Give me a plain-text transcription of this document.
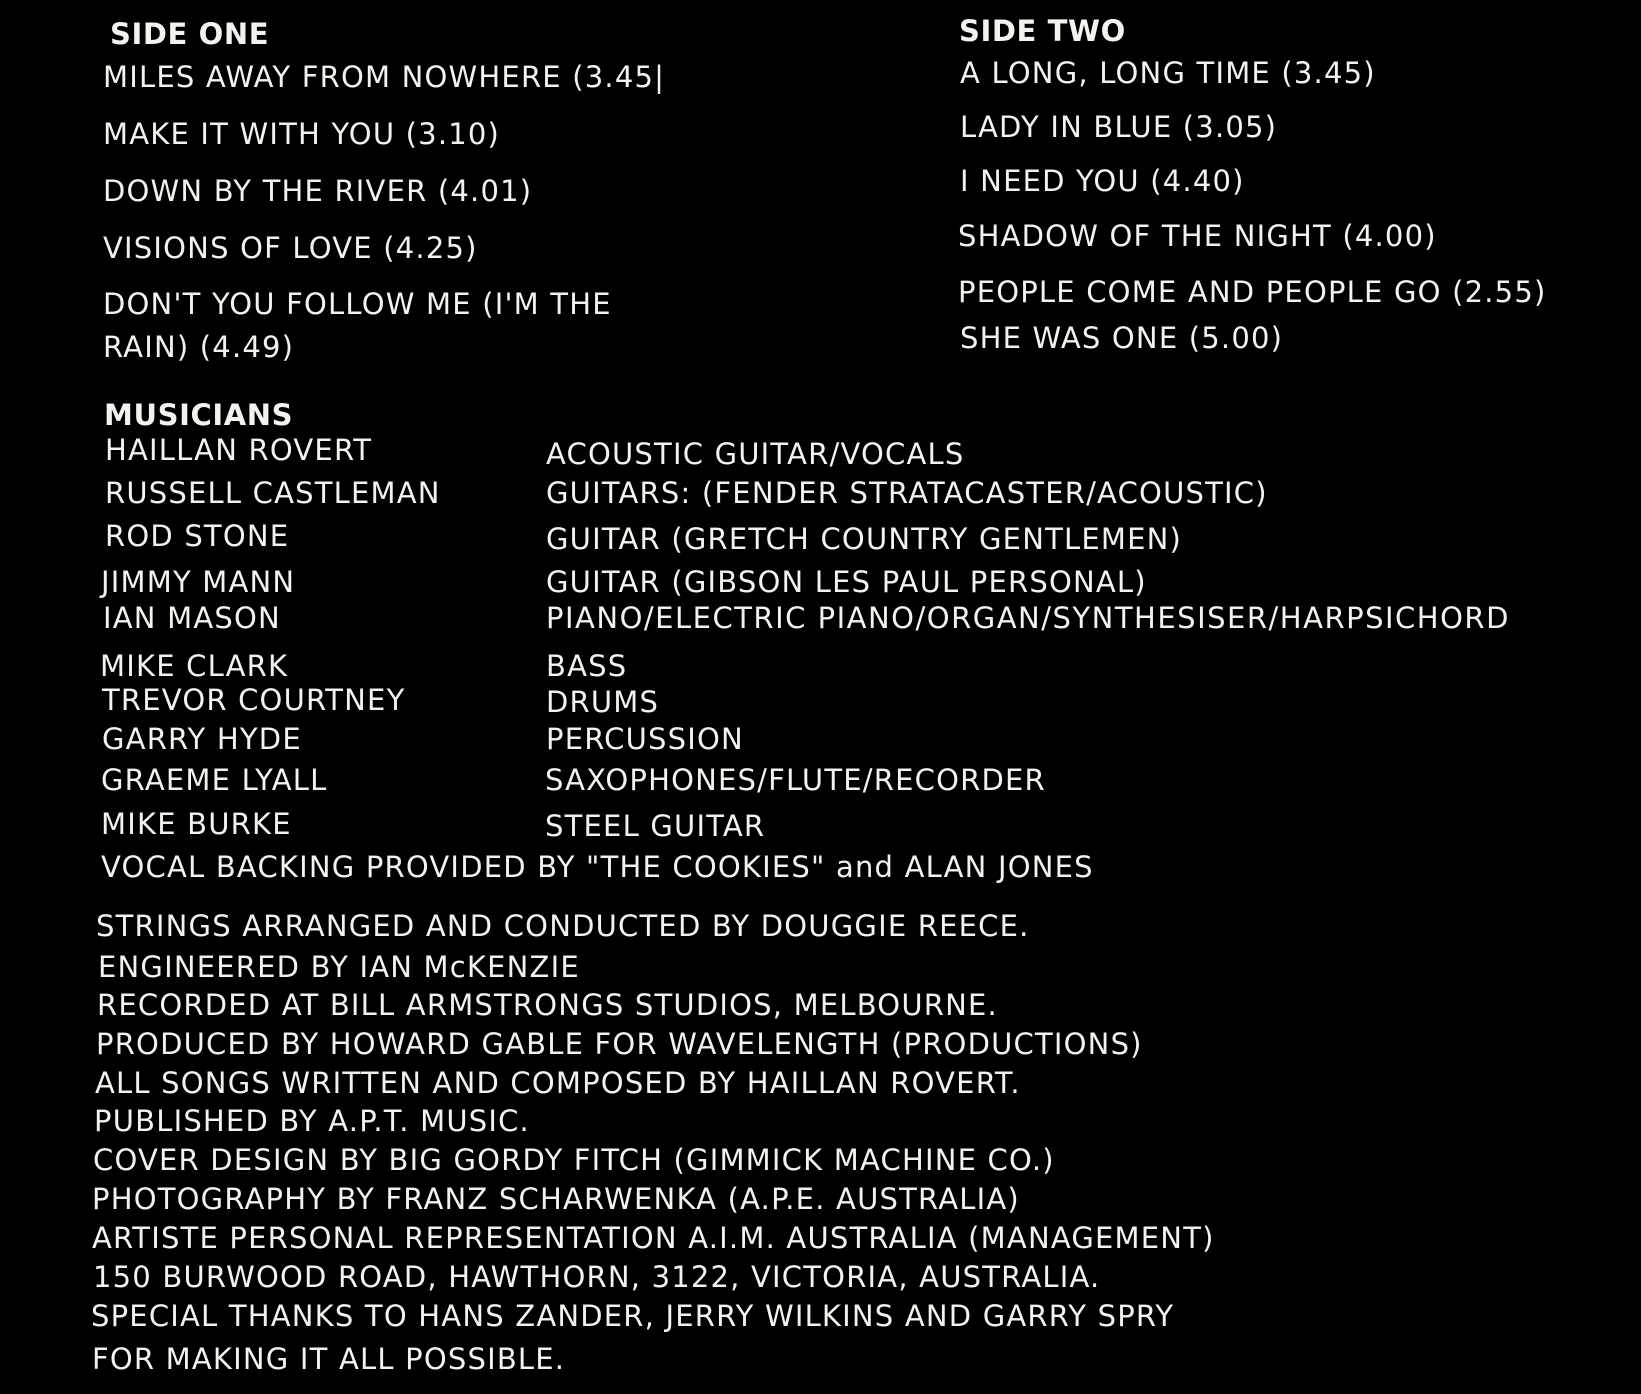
SIDE ONE
MILES AWAY FROM NOWHERE (3.45|
MAKE IT WITH YOU (3.10)
DOWN BY THE RIVER (4.01)
VISIONS OF LOVE (4.25)
DON'T YOU FOLLOW ME (I'M THE
RAIN) (4.49)
SIDE TWO
A LONG, LONG TIME (3.45)
LADY IN BLUE (3.05)
I NEED YOU (4.40)
SHADOW OF THE NIGHT (4.00)
PEOPLE COME AND PEOPLE GO (2.55)
SHE WAS ONE (5.00)
MUSICIANS
HAILLAN ROVERT	ACOUSTIC GUITAR/VOCALS
RUSSELL CASTLEMAN	GUITARS: (FENDER STRATACASTER/ACOUSTIC)
ROD STONE	GUITAR (GRETCH COUNTRY GENTLEMEN)
JIMMY MANN	GUITAR (GIBSON LES PAUL PERSONAL)
IAN MASON	PIANO/ELECTRIC PIANO/ORGAN/SYNTHESISER/HARPSICHORD
MIKE CLARK	BASS
TREVOR COURTNEY	DRUMS
GARRY HYDE	PERCUSSION
GRAEME LYALL	SAXOPHONES/FLUTE/RECORDER
MIKE BURKE	STEEL GUITAR
VOCAL BACKING PROVIDED BY "THE COOKIES" and ALAN JONES
STRINGS ARRANGED AND CONDUCTED BY DOUGGIE REECE.
ENGINEERED BY IAN McKENZIE
RECORDED AT BILL ARMSTRONGS STUDIOS, MELBOURNE.
PRODUCED BY HOWARD GABLE FOR WAVELENGTH (PRODUCTIONS)
ALL SONGS WRITTEN AND COMPOSED BY HAILLAN ROVERT.
PUBLISHED BY A.P.T. MUSIC.
COVER DESIGN BY BIG GORDY FITCH (GIMMICK MACHINE CO.)
PHOTOGRAPHY BY FRANZ SCHARWENKA (A.P.E. AUSTRALIA)
ARTISTE PERSONAL REPRESENTATION A.I.M. AUSTRALIA (MANAGEMENT)
150 BURWOOD ROAD, HAWTHORN, 3122, VICTORIA, AUSTRALIA.
SPECIAL THANKS TO HANS ZANDER, JERRY WILKINS AND GARRY SPRY
FOR MAKING IT ALL POSSIBLE.
